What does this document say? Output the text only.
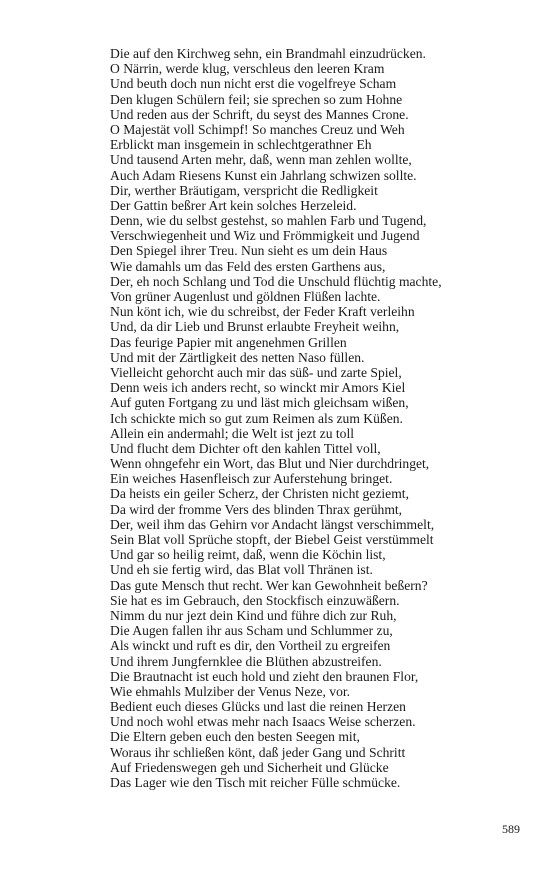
Die auf den Kirchweg sehn, ein Brandmahl einzudrücken.
O Närrin, werde klug, verschleus den leeren Kram
Und beuth doch nun nicht erst die vogelfreye Scham
Den klugen Schülern feil; sie sprechen so zum Hohne
Und reden aus der Schrift, du seyst des Mannes Crone.
O Majestät voll Schimpf! So manches Creuz und Weh
Erblickt man insgemein in schlechtgerathner Eh
Und tausend Arten mehr, daß, wenn man zehlen wollte,
Auch Adam Riesens Kunst ein Jahrlang schwizen sollte.
Dir, werther Bräutigam, verspricht die Redligkeit
Der Gattin beßrer Art kein solches Herzeleid.
Denn, wie du selbst gestehst, so mahlen Farb und Tugend,
Verschwiegenheit und Wiz und Frömmigkeit und Jugend
Den Spiegel ihrer Treu. Nun sieht es um dein Haus
Wie damahls um das Feld des ersten Garthens aus,
Der, eh noch Schlang und Tod die Unschuld flüchtig machte,
Von grüner Augenlust und göldnen Flüßen lachte.
Nun könt ich, wie du schreibst, der Feder Kraft verleihn
Und, da dir Lieb und Brunst erlaubte Freyheit weihn,
Das feurige Papier mit angenehmen Grillen
Und mit der Zärtligkeit des netten Naso füllen.
Vielleicht gehorcht auch mir das süß- und zarte Spiel,
Denn weis ich anders recht, so winckt mir Amors Kiel
Auf guten Fortgang zu und läst mich gleichsam wißen,
Ich schickte mich so gut zum Reimen als zum Küßen.
Allein ein andermahl; die Welt ist jezt zu toll
Und flucht dem Dichter oft den kahlen Tittel voll,
Wenn ohngefehr ein Wort, das Blut und Nier durchdringet,
Ein weiches Hasenfleisch zur Auferstehung bringet.
Da heists ein geiler Scherz, der Christen nicht geziemt,
Da wird der fromme Vers des blinden Thrax gerühmt,
Der, weil ihm das Gehirn vor Andacht längst verschimmelt,
Sein Blat voll Sprüche stopft, der Biebel Geist verstümmelt
Und gar so heilig reimt, daß, wenn die Köchin list,
Und eh sie fertig wird, das Blat voll Thränen ist.
Das gute Mensch thut recht. Wer kan Gewohnheit beßern?
Sie hat es im Gebrauch, den Stockfisch einzuwäßern.
Nimm du nur jezt dein Kind und führe dich zur Ruh,
Die Augen fallen ihr aus Scham und Schlummer zu,
Als winckt und ruft es dir, den Vortheil zu ergreifen
Und ihrem Jungfernklee die Blüthen abzustreifen.
Die Brautnacht ist euch hold und zieht den braunen Flor,
Wie ehmahls Mulziber der Venus Neze, vor.
Bedient euch dieses Glücks und last die reinen Herzen
Und noch wohl etwas mehr nach Isaacs Weise scherzen.
Die Eltern geben euch den besten Seegen mit,
Woraus ihr schließen könt, daß jeder Gang und Schritt
Auf Friedenswegen geh und Sicherheit und Glücke
Das Lager wie den Tisch mit reicher Fülle schmücke.
589
